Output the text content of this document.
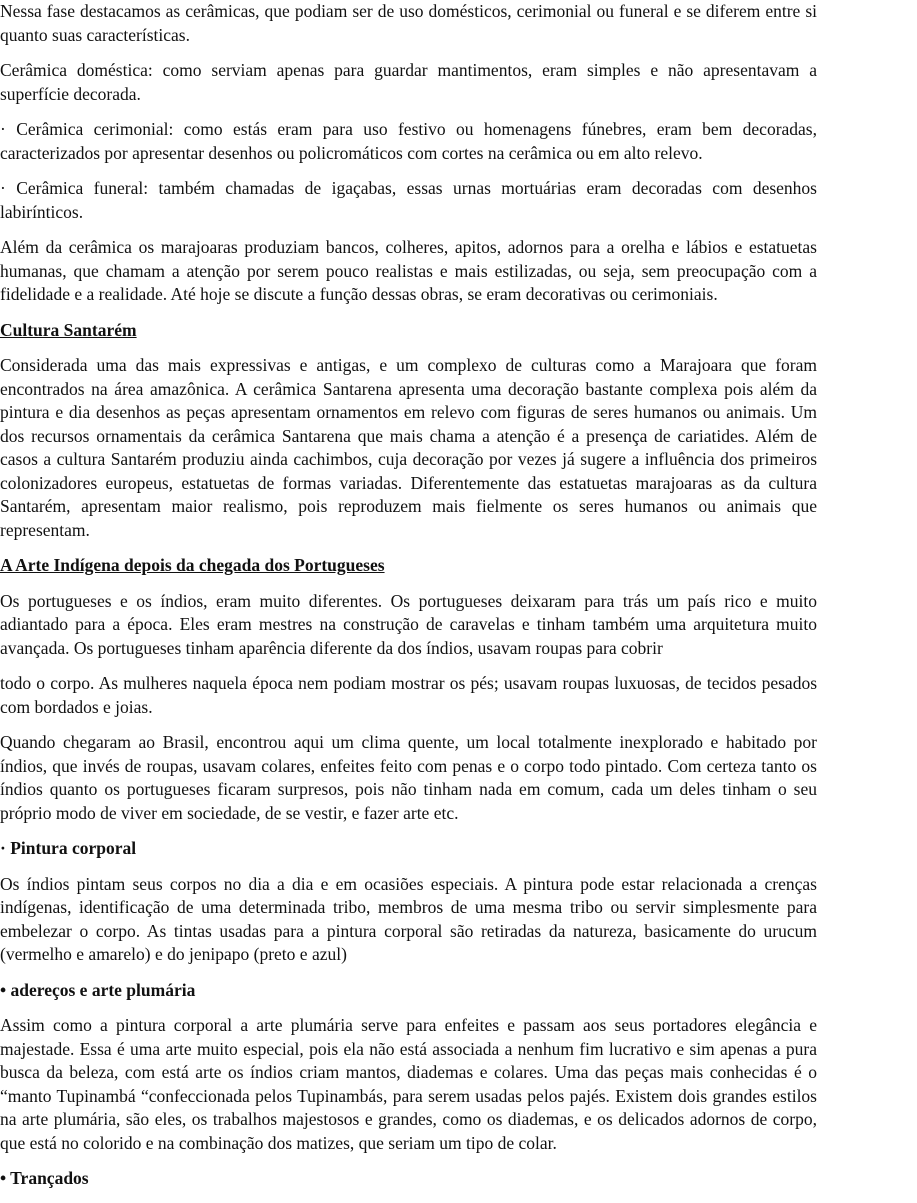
Nessa fase destacamos as cerâmicas, que podiam ser de uso domésticos, cerimonial ou funeral e se diferem entre si quanto suas características.

Cerâmica doméstica: como serviam apenas para guardar mantimentos, eram simples e não apresentavam a superfície decorada.

· Cerâmica cerimonial: como estás eram para uso festivo ou homenagens fúnebres, eram bem decoradas, caracterizados por apresentar desenhos ou policromáticos com cortes na cerâmica ou em alto relevo.

· Cerâmica funeral: também chamadas de igaçabas, essas urnas mortuárias eram decoradas com desenhos labirínticos.

Além da cerâmica os marajoaras produziam bancos, colheres, apitos, adornos para a orelha e lábios e estatuetas humanas, que chamam a atenção por serem pouco realistas e mais estilizadas, ou seja, sem preocupação com a fidelidade e a realidade. Até hoje se discute a função dessas obras, se eram decorativas ou cerimoniais.

Cultura Santarém

Considerada uma das mais expressivas e antigas, e um complexo de culturas como a Marajoara que foram encontrados na área amazônica. A cerâmica Santarena apresenta uma decoração bastante complexa pois além da pintura e dia desenhos as peças apresentam ornamentos em relevo com figuras de seres humanos ou animais. Um dos recursos ornamentais da cerâmica Santarena que mais chama a atenção é a presença de cariatides. Além de casos a cultura Santarém produziu ainda cachimbos, cuja decoração por vezes já sugere a influência dos primeiros colonizadores europeus, estatuetas de formas variadas. Diferentemente das estatuetas marajoaras as da cultura Santarém, apresentam maior realismo, pois reproduzem mais fielmente os seres humanos ou animais que representam.

A Arte Indígena depois da chegada dos Portugueses

Os portugueses e os índios, eram muito diferentes. Os portugueses deixaram para trás um país rico e muito adiantado para a época. Eles eram mestres na construção de caravelas e tinham também uma arquitetura muito avançada. Os portugueses tinham aparência diferente da dos índios, usavam roupas para cobrir

todo o corpo. As mulheres naquela época nem podiam mostrar os pés; usavam roupas luxuosas, de tecidos pesados com bordados e joias.

Quando chegaram ao Brasil, encontrou aqui um clima quente, um local totalmente inexplorado e habitado por índios, que invés de roupas, usavam colares, enfeites feito com penas e o corpo todo pintado. Com certeza tanto os índios quanto os portugueses ficaram surpresos, pois não tinham nada em comum, cada um deles tinham o seu próprio modo de viver em sociedade, de se vestir, e fazer arte etc.

· Pintura corporal

Os índios pintam seus corpos no dia a dia e em ocasiões especiais. A pintura pode estar relacionada a crenças indígenas, identificação de uma determinada tribo, membros de uma mesma tribo ou servir simplesmente para embelezar o corpo. As tintas usadas para a pintura corporal são retiradas da natureza, basicamente do urucum (vermelho e amarelo) e do jenipapo (preto e azul)

• adereços e arte plumária

Assim como a pintura corporal a arte plumária serve para enfeites e passam aos seus portadores elegância e majestade. Essa é uma arte muito especial, pois ela não está associada a nenhum fim lucrativo e sim apenas a pura busca da beleza, com está arte os índios criam mantos, diademas e colares. Uma das peças mais conhecidas é o “manto Tupinambá “confeccionada pelos Tupinambás, para serem usadas pelos pajés. Existem dois grandes estilos na arte plumária, são eles, os trabalhos majestosos e grandes, como os diademas, e os delicados adornos de corpo, que está no colorido e na combinação dos matizes, que seriam um tipo de colar.

• Trançados
